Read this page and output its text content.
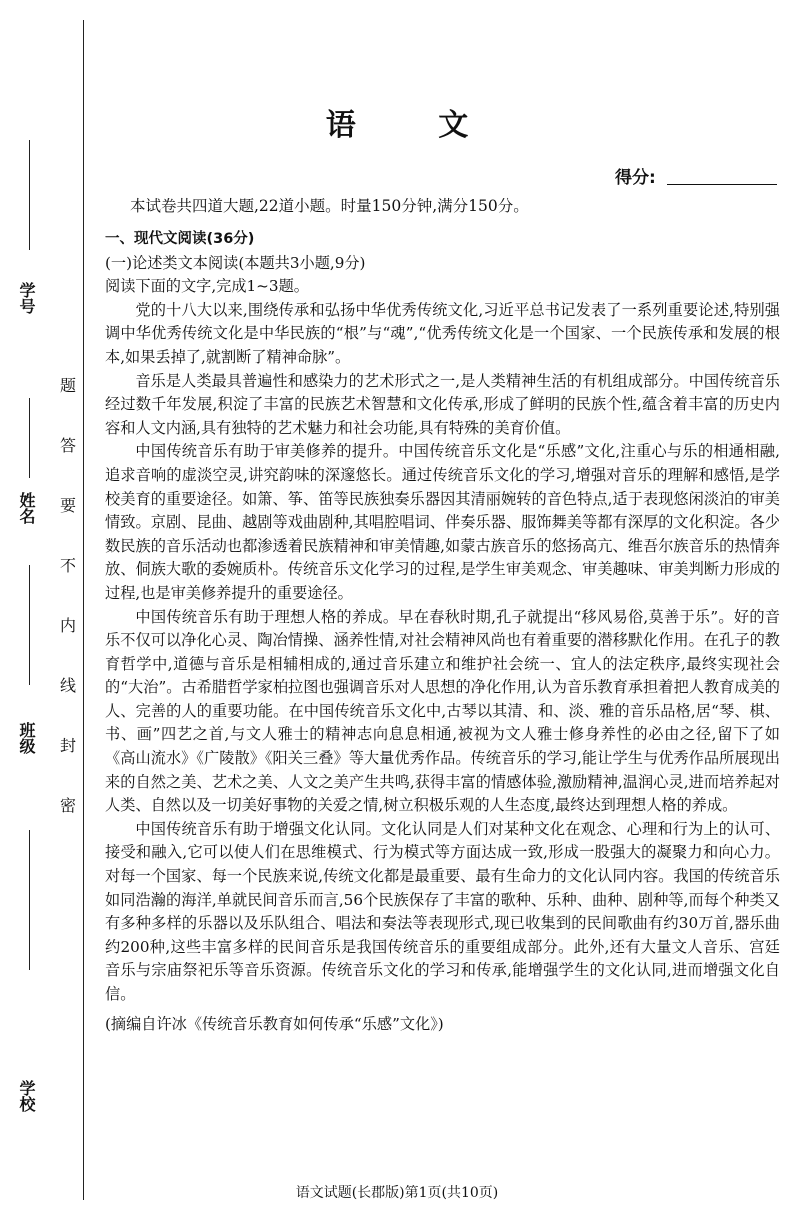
学号
姓名
班级
学校
题
答
要
不
内
线
封
密
语 文
得分:
本试卷共四道大题,22道小题。时量150分钟,满分150分。

一、现代文阅读(36分)

(一)论述类文本阅读(本题共3小题,9分)

阅读下面的文字,完成1~3题。

党的十八大以来,围绕传承和弘扬中华优秀传统文化,习近平总书记发表了一系列重要论述,特别强调中华优秀传统文化是中华民族的“根”与“魂”,“优秀传统文化是一个国家、一个民族传承和发展的根本,如果丢掉了,就割断了精神命脉”。

音乐是人类最具普遍性和感染力的艺术形式之一,是人类精神生活的有机组成部分。中国传统音乐经过数千年发展,积淀了丰富的民族艺术智慧和文化传承,形成了鲜明的民族个性,蕴含着丰富的历史内容和人文内涵,具有独特的艺术魅力和社会功能,具有特殊的美育价值。

中国传统音乐有助于审美修养的提升。中国传统音乐文化是“乐感”文化,注重心与乐的相通相融,追求音响的虚淡空灵,讲究韵味的深邃悠长。通过传统音乐文化的学习,增强对音乐的理解和感悟,是学校美育的重要途径。如箫、筝、笛等民族独奏乐器因其清丽婉转的音色特点,适于表现悠闲淡泊的审美情致。京剧、昆曲、越剧等戏曲剧种,其唱腔唱词、伴奏乐器、服饰舞美等都有深厚的文化积淀。各少数民族的音乐活动也都渗透着民族精神和审美情趣,如蒙古族音乐的悠扬高亢、维吾尔族音乐的热情奔放、侗族大歌的委婉质朴。传统音乐文化学习的过程,是学生审美观念、审美趣味、审美判断力形成的过程,也是审美修养提升的重要途径。

中国传统音乐有助于理想人格的养成。早在春秋时期,孔子就提出“移风易俗,莫善于乐”。好的音乐不仅可以净化心灵、陶冶情操、涵养性情,对社会精神风尚也有着重要的潜移默化作用。在孔子的教育哲学中,道德与音乐是相辅相成的,通过音乐建立和维护社会统一、宜人的法定秩序,最终实现社会的“大治”。古希腊哲学家柏拉图也强调音乐对人思想的净化作用,认为音乐教育承担着把人教育成美的人、完善的人的重要功能。在中国传统音乐文化中,古琴以其清、和、淡、雅的音乐品格,居“琴、棋、书、画”四艺之首,与文人雅士的精神志向息息相通,被视为文人雅士修身养性的必由之径,留下了如《高山流水》《广陵散》《阳关三叠》等大量优秀作品。传统音乐的学习,能让学生与优秀作品所展现出来的自然之美、艺术之美、人文之美产生共鸣,获得丰富的情感体验,激励精神,温润心灵,进而培养起对人类、自然以及一切美好事物的关爱之情,树立积极乐观的人生态度,最终达到理想人格的养成。

中国传统音乐有助于增强文化认同。文化认同是人们对某种文化在观念、心理和行为上的认可、接受和融入,它可以使人们在思维模式、行为模式等方面达成一致,形成一股强大的凝聚力和向心力。对每一个国家、每一个民族来说,传统文化都是最重要、最有生命力的文化认同内容。我国的传统音乐如同浩瀚的海洋,单就民间音乐而言,56个民族保存了丰富的歌种、乐种、曲种、剧种等,而每个种类又有多种多样的乐器以及乐队组合、唱法和奏法等表现形式,现已收集到的民间歌曲有约30万首,器乐曲约200种,这些丰富多样的民间音乐是我国传统音乐的重要组成部分。此外,还有大量文人音乐、宫廷音乐与宗庙祭祀乐等音乐资源。传统音乐文化的学习和传承,能增强学生的文化认同,进而增强文化自信。

(摘编自许冰《传统音乐教育如何传承“乐感”文化》)

语文试题(长郡版)第1页(共10页)
